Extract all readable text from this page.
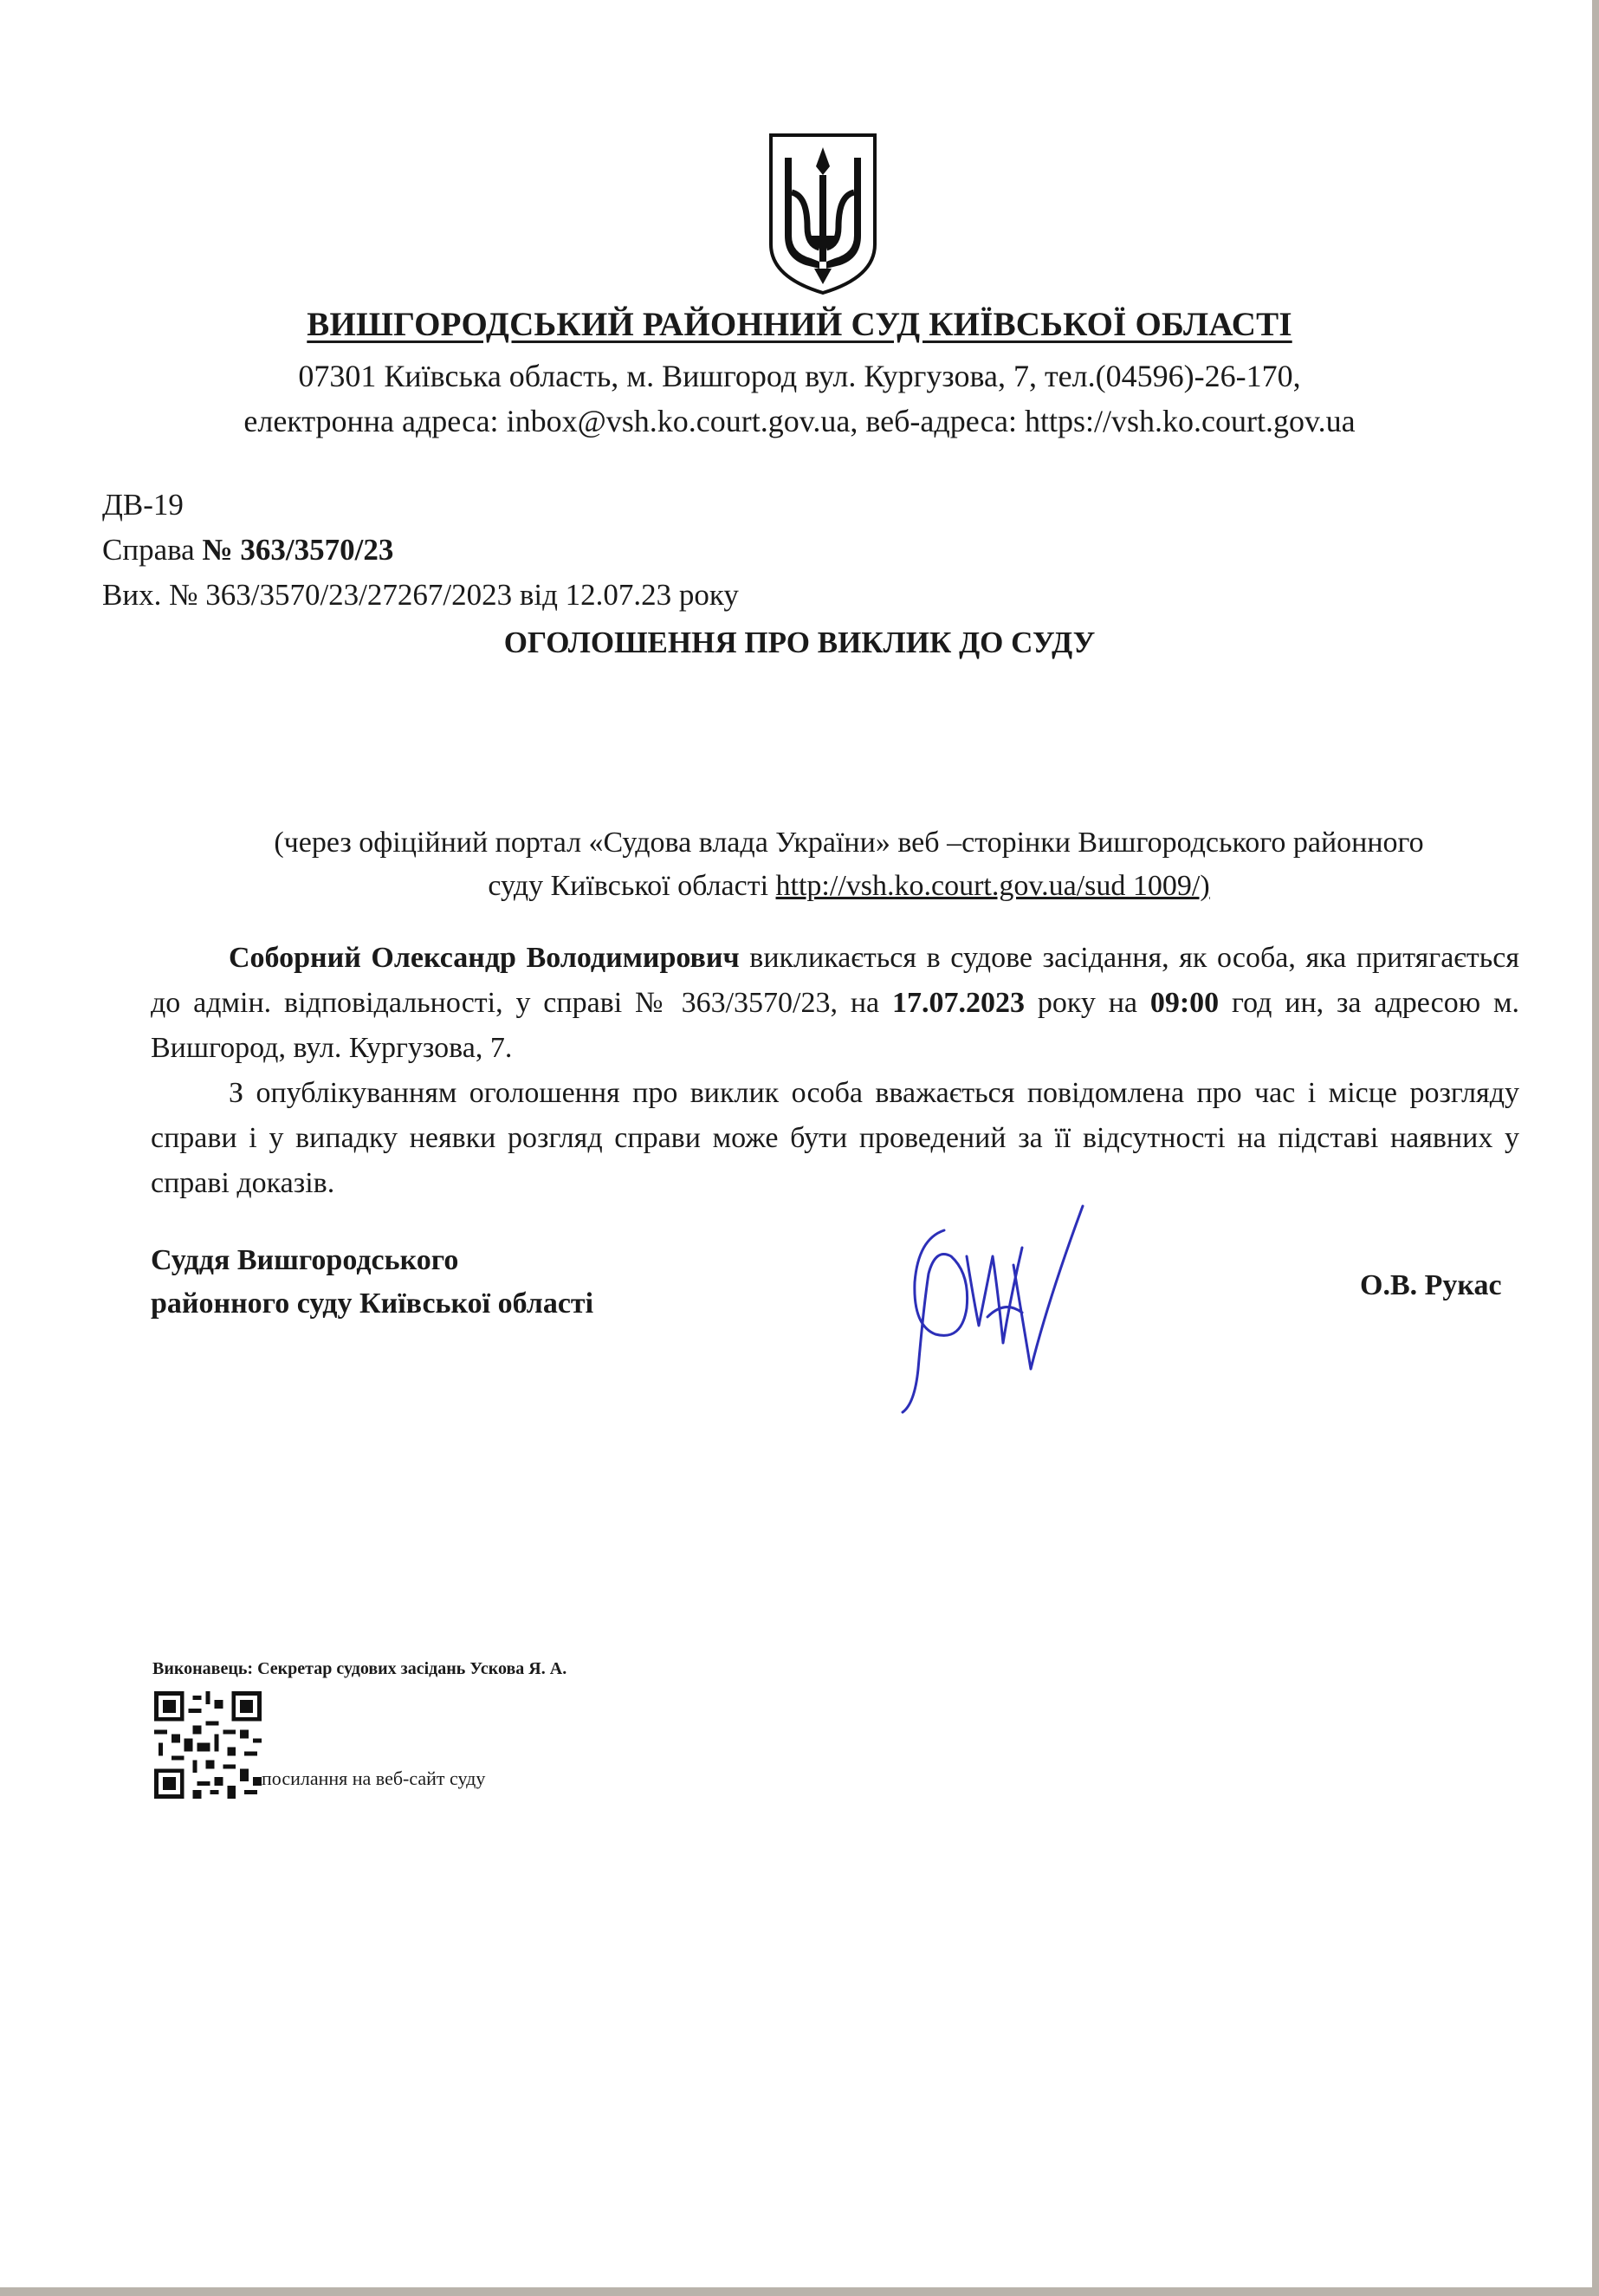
ВИШГОРОДСЬКИЙ РАЙОННИЙ СУД КИЇВСЬКОЇ ОБЛАСТІ
07301 Київська область, м. Вишгород вул. Кургузова, 7, тел.(04596)-26-170,
електронна адреса: inbox@vsh.ko.court.gov.ua, веб-адреса: https://vsh.ko.court.gov.ua
ДВ-19
Справа № 363/3570/23
Вих. № 363/3570/23/27267/2023 від 12.07.23 року
ОГОЛОШЕННЯ ПРО ВИКЛИК ДО СУДУ
(через офіційний портал «Судова влада України» веб –сторінки Вишгородського районного
суду Київської області http://vsh.ko.court.gov.ua/sud 1009/)

Соборний Олександр Володимирович викликається в судове засідання, як особа, яка притягається до адмін. відповідальності, у справі № 363/3570/23, на 17.07.2023 року на 09:00 год ин, за адресою м. Вишгород, вул. Кургузова, 7.

З опублікуванням оголошення про виклик особа вважається повідомлена про час і місце розгляду справи і у випадку неявки розгляд справи може бути проведений за її відсутності на підставі наявних у справі доказів.

Суддя Вишгородського
районного суду Київської області
О.В. Рукас
Виконавець: Секретар судових засідань Ускова Я. А.
посилання на веб-сайт суду
